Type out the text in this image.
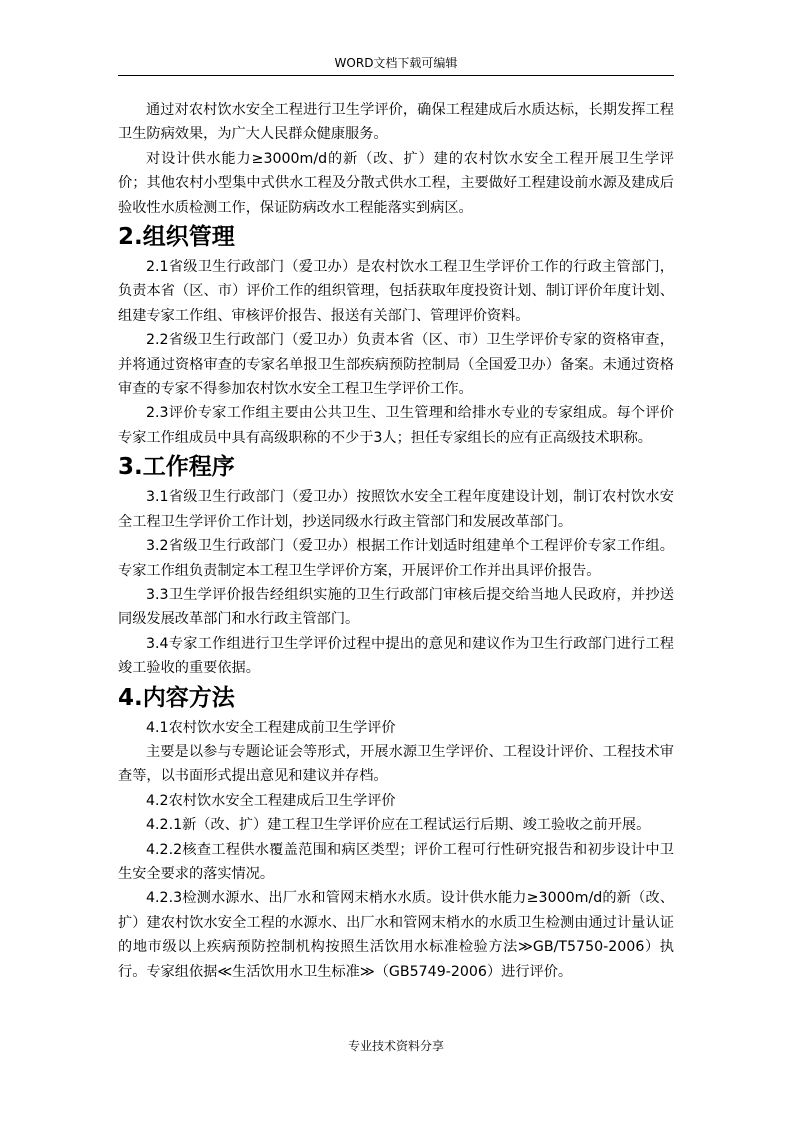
WORD文档下载可编辑

通过对农村饮水安全工程进行卫生学评价，确保工程建成后水质达标，长期发挥工程卫生防病效果，为广大人民群众健康服务。

对设计供水能力≥3000m/d的新（改、扩）建的农村饮水安全工程开展卫生学评价；其他农村小型集中式供水工程及分散式供水工程，主要做好工程建设前水源及建成后验收性水质检测工作，保证防病改水工程能落实到病区。

2.组织管理

2.1省级卫生行政部门（爱卫办）是农村饮水工程卫生学评价工作的行政主管部门，负责本省（区、市）评价工作的组织管理，包括获取年度投资计划、制订评价年度计划、组建专家工作组、审核评价报告、报送有关部门、管理评价资料。

2.2省级卫生行政部门（爱卫办）负责本省（区、市）卫生学评价专家的资格审查，并将通过资格审查的专家名单报卫生部疾病预防控制局（全国爱卫办）备案。未通过资格审查的专家不得参加农村饮水安全工程卫生学评价工作。

2.3评价专家工作组主要由公共卫生、卫生管理和给排水专业的专家组成。每个评价专家工作组成员中具有高级职称的不少于3人；担任专家组长的应有正高级技术职称。

3.工作程序

3.1省级卫生行政部门（爱卫办）按照饮水安全工程年度建设计划，制订农村饮水安全工程卫生学评价工作计划，抄送同级水行政主管部门和发展改革部门。

3.2省级卫生行政部门（爱卫办）根据工作计划适时组建单个工程评价专家工作组。专家工作组负责制定本工程卫生学评价方案，开展评价工作并出具评价报告。

3.3卫生学评价报告经组织实施的卫生行政部门审核后提交给当地人民政府，并抄送同级发展改革部门和水行政主管部门。

3.4专家工作组进行卫生学评价过程中提出的意见和建议作为卫生行政部门进行工程竣工验收的重要依据。

4.内容方法

4.1农村饮水安全工程建成前卫生学评价

主要是以参与专题论证会等形式，开展水源卫生学评价、工程设计评价、工程技术审查等，以书面形式提出意见和建议并存档。

4.2农村饮水安全工程建成后卫生学评价

4.2.1新（改、扩）建工程卫生学评价应在工程试运行后期、竣工验收之前开展。

4.2.2核查工程供水覆盖范围和病区类型；评价工程可行性研究报告和初步设计中卫生安全要求的落实情况。

4.2.3检测水源水、出厂水和管网末梢水水质。设计供水能力≥3000m/d的新（改、扩）建农村饮水安全工程的水源水、出厂水和管网末梢水的水质卫生检测由通过计量认证的地市级以上疾病预防控制机构按照生活饮用水标准检验方法≫GB/T5750-2006）执行。专家组依据≪生活饮用水卫生标准≫（GB5749-2006）进行评价。

专业技术资料分享
